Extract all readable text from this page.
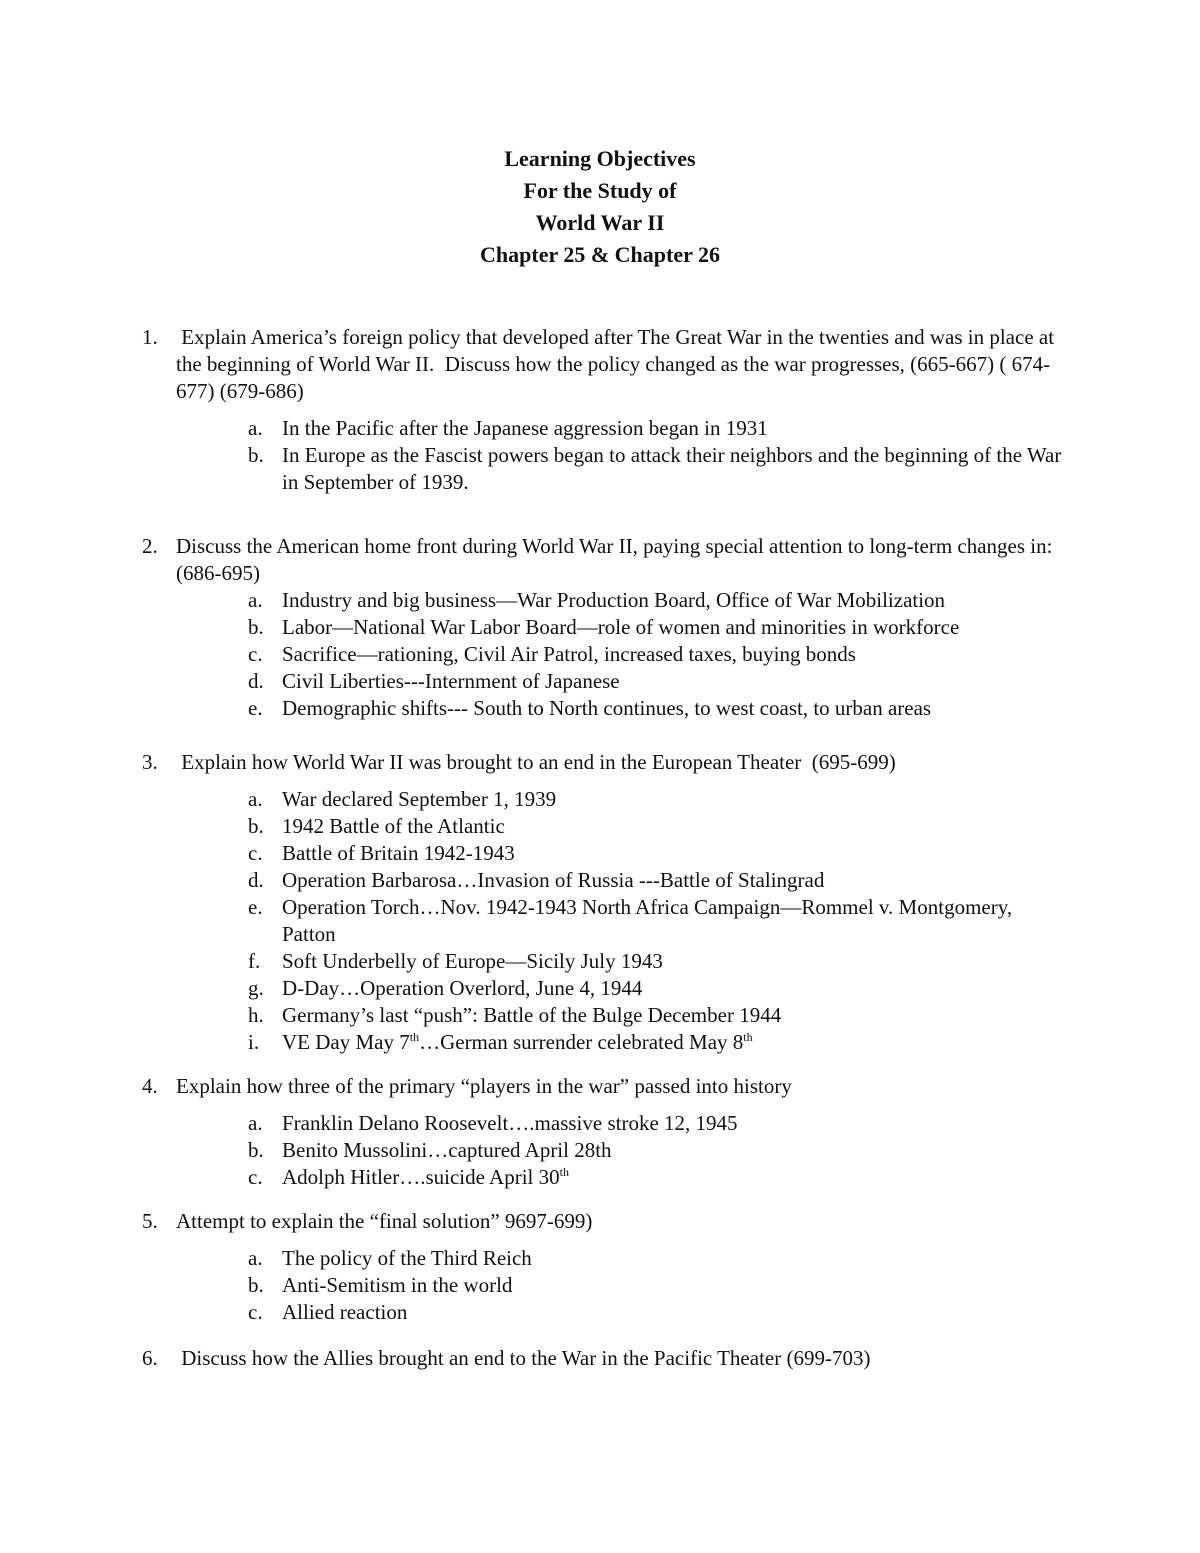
Learning Objectives
For the Study of
World War II
Chapter 25 & Chapter 26
1. Explain America’s foreign policy that developed after The Great War in the twenties and was in place at the beginning of World War II.  Discuss how the policy changed as the war progresses, (665-667) ( 674-677) (679-686)
a. In the Pacific after the Japanese aggression began in 1931
b. In Europe as the Fascist powers began to attack their neighbors and the beginning of the War in September of 1939.
2. Discuss the American home front during World War II, paying special attention to long-term changes in: (686-695)
a. Industry and big business—War Production Board, Office of War Mobilization
b. Labor—National War Labor Board—role of women and minorities in workforce
c. Sacrifice—rationing, Civil Air Patrol, increased taxes, buying bonds
d. Civil Liberties---Internment of Japanese
e. Demographic shifts--- South to North continues, to west coast, to urban areas
3. Explain how World War II was brought to an end in the European Theater  (695-699)
a. War declared September 1, 1939
b. 1942 Battle of the Atlantic
c. Battle of Britain 1942-1943
d. Operation Barbarosa…Invasion of Russia ---Battle of Stalingrad
e. Operation Torch…Nov. 1942-1943 North Africa Campaign—Rommel v. Montgomery, Patton
f. Soft Underbelly of Europe—Sicily July 1943
g. D-Day…Operation Overlord, June 4, 1944
h. Germany’s last “push”: Battle of the Bulge December 1944
i. VE Day May 7th…German surrender celebrated May 8th
4. Explain how three of the primary “players in the war” passed into history
a. Franklin Delano Roosevelt….massive stroke 12, 1945
b. Benito Mussolini…captured April 28th
c. Adolph Hitler….suicide April 30th
5. Attempt to explain the “final solution” 9697-699)
a. The policy of the Third Reich
b. Anti-Semitism in the world
c. Allied reaction
6. Discuss how the Allies brought an end to the War in the Pacific Theater (699-703)
